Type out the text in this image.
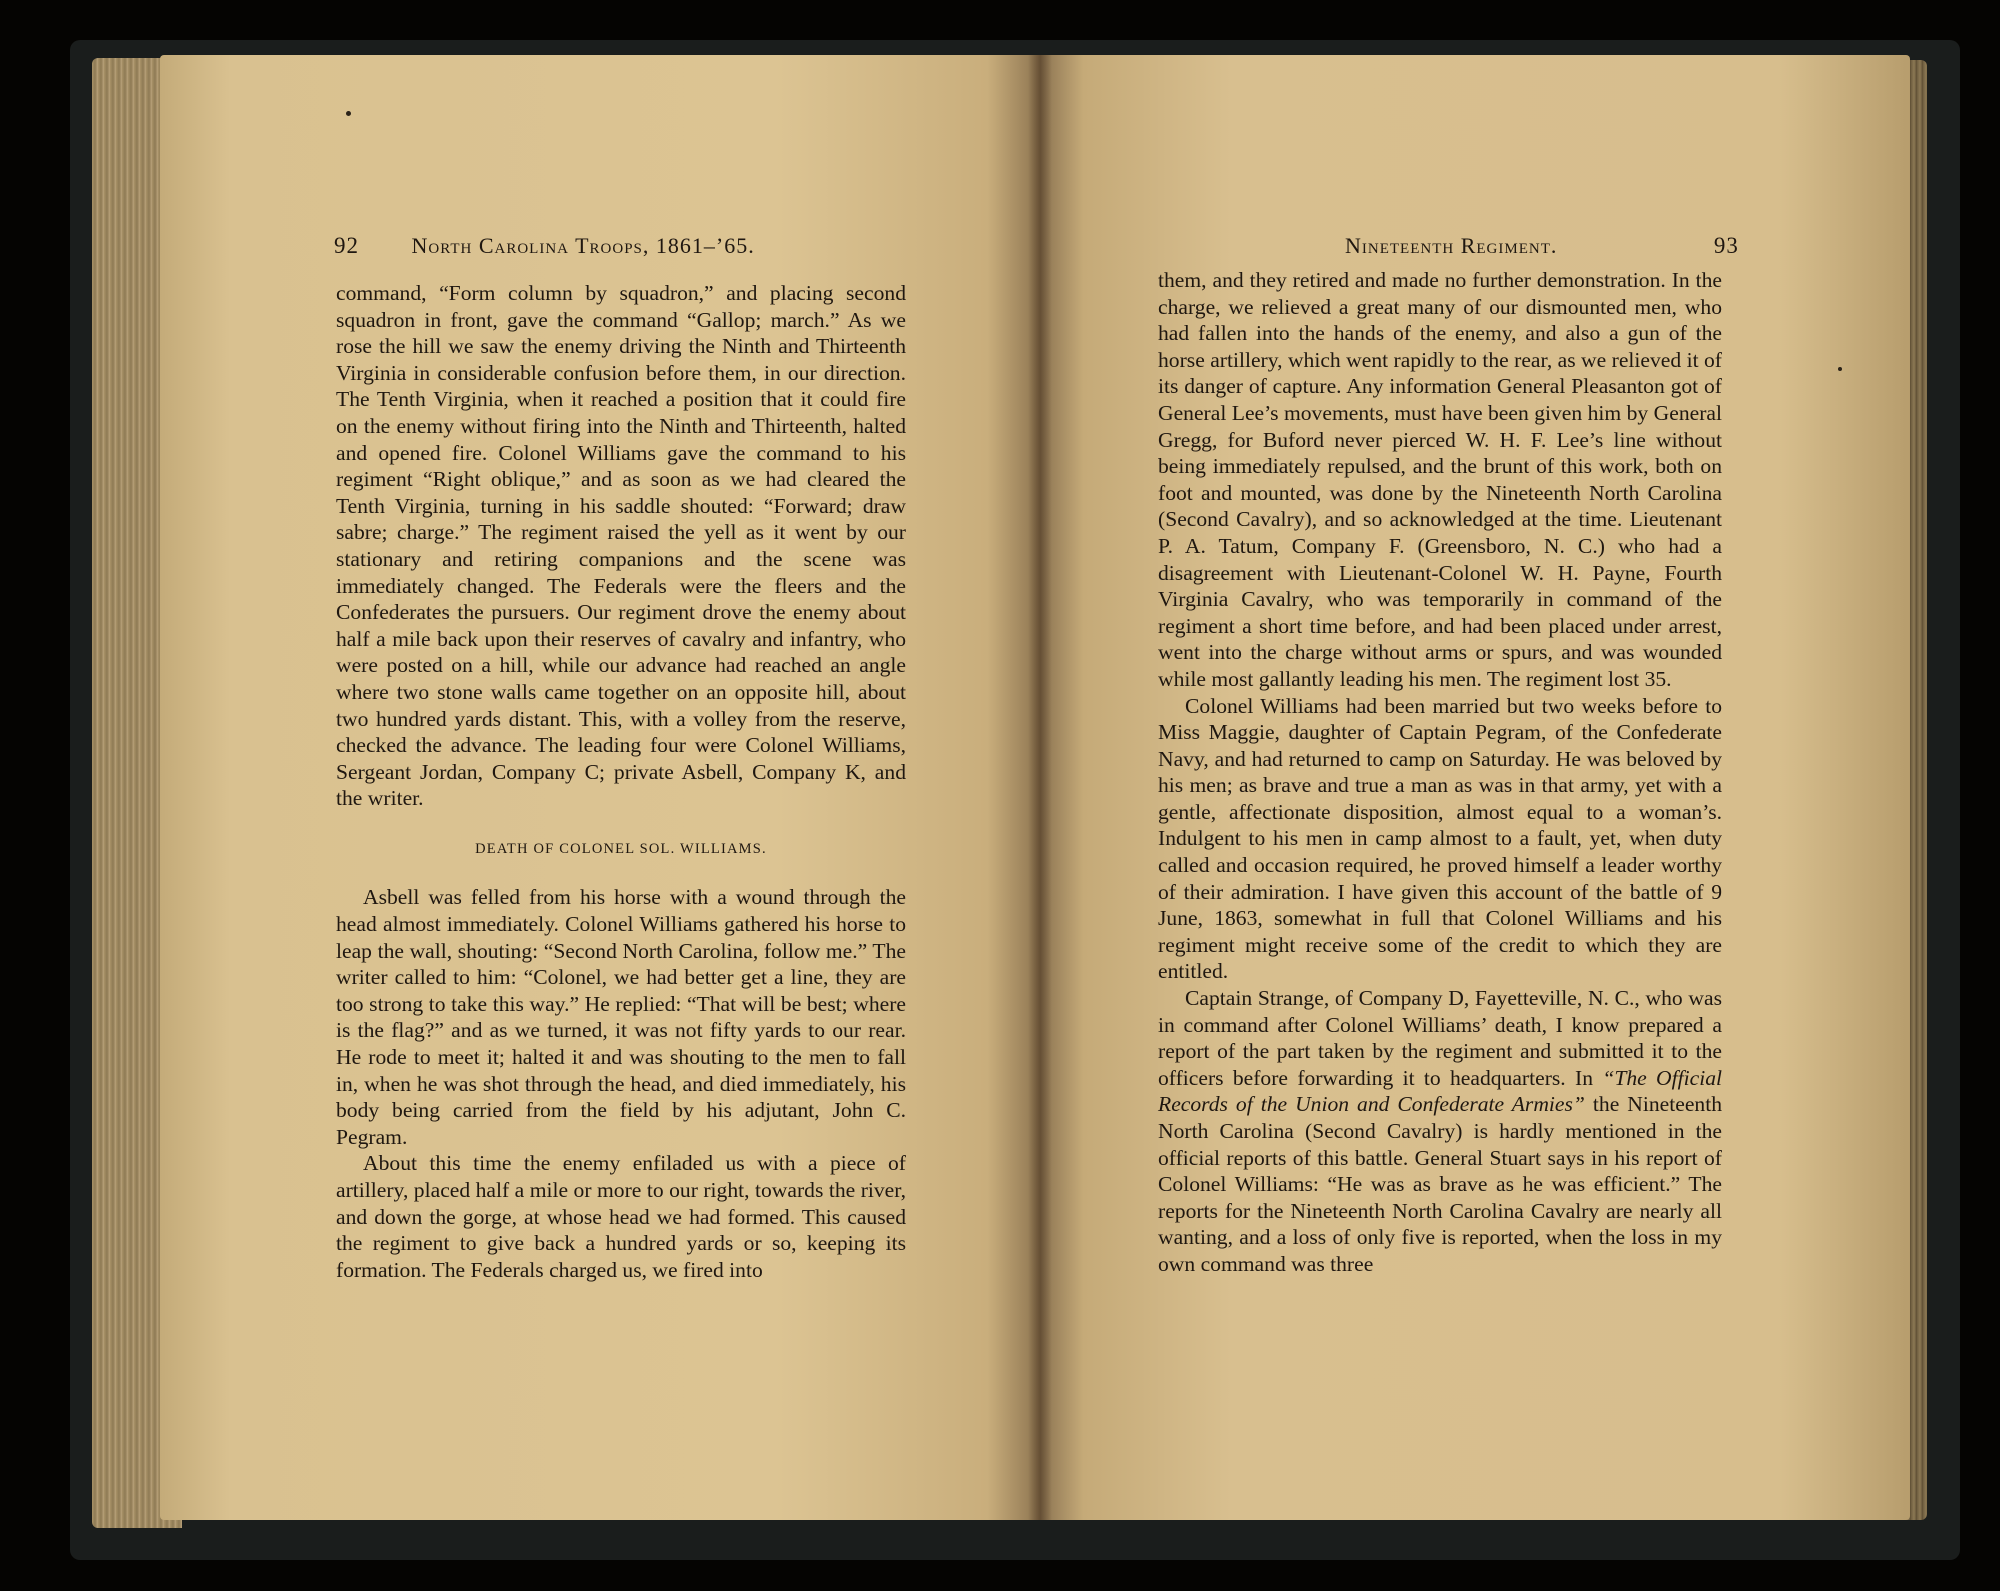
92 North Carolina Troops, 1861–’65.

command, “Form column by squadron,” and placing second squadron in front, gave the command “Gallop; march.” As we rose the hill we saw the enemy driving the Ninth and Thirteenth Virginia in considerable confusion before them, in our direction. The Tenth Virginia, when it reached a position that it could fire on the enemy without firing into the Ninth and Thirteenth, halted and opened fire. Colonel Williams gave the command to his regiment “Right oblique,” and as soon as we had cleared the Tenth Virginia, turning in his saddle shouted: “Forward; draw sabre; charge.” The regiment raised the yell as it went by our stationary and retiring companions and the scene was immediately changed. The Federals were the fleers and the Confederates the pursuers. Our regiment drove the enemy about half a mile back upon their reserves of cavalry and infantry, who were posted on a hill, while our advance had reached an angle where two stone walls came together on an opposite hill, about two hundred yards distant. This, with a volley from the reserve, checked the advance. The leading four were Colonel Williams, Sergeant Jordan, Company C; private Asbell, Company K, and the writer.

DEATH OF COLONEL SOL. WILLIAMS.

Asbell was felled from his horse with a wound through the head almost immediately. Colonel Williams gathered his horse to leap the wall, shouting: “Second North Carolina, follow me.” The writer called to him: “Colonel, we had better get a line, they are too strong to take this way.” He replied: “That will be best; where is the flag?” and as we turned, it was not fifty yards to our rear. He rode to meet it; halted it and was shouting to the men to fall in, when he was shot through the head, and died immediately, his body being carried from the field by his adjutant, John C. Pegram.

About this time the enemy enfiladed us with a piece of artillery, placed half a mile or more to our right, towards the river, and down the gorge, at whose head we had formed. This caused the regiment to give back a hundred yards or so, keeping its formation. The Federals charged us, we fired into

Nineteenth Regiment.	93

them, and they retired and made no further demonstration. In the charge, we relieved a great many of our dismounted men, who had fallen into the hands of the enemy, and also a gun of the horse artillery, which went rapidly to the rear, as we relieved it of its danger of capture. Any information General Pleasanton got of General Lee’s movements, must have been given him by General Gregg, for Buford never pierced W. H. F. Lee’s line without being immediately repulsed, and the brunt of this work, both on foot and mounted, was done by the Nineteenth North Carolina (Second Cavalry), and so acknowledged at the time. Lieutenant P. A. Tatum, Company F. (Greensboro, N. C.) who had a disagreement with Lieutenant-Colonel W. H. Payne, Fourth Virginia Cavalry, who was temporarily in command of the regiment a short time before, and had been placed under arrest, went into the charge without arms or spurs, and was wounded while most gallantly leading his men. The regiment lost 35.

Colonel Williams had been married but two weeks before to Miss Maggie, daughter of Captain Pegram, of the Confederate Navy, and had returned to camp on Saturday. He was beloved by his men; as brave and true a man as was in that army, yet with a gentle, affectionate disposition, almost equal to a woman’s. Indulgent to his men in camp almost to a fault, yet, when duty called and occasion required, he proved himself a leader worthy of their admiration. I have given this account of the battle of 9 June, 1863, somewhat in full that Colonel Williams and his regiment might receive some of the credit to which they are entitled.

Captain Strange, of Company D, Fayetteville, N. C., who was in command after Colonel Williams’ death, I know prepared a report of the part taken by the regiment and submitted it to the officers before forwarding it to headquarters. In “The Official Records of the Union and Confederate Armies” the Nineteenth North Carolina (Second Cavalry) is hardly mentioned in the official reports of this battle. General Stuart says in his report of Colonel Williams: “He was as brave as he was efficient.” The reports for the Nineteenth North Carolina Cavalry are nearly all wanting, and a loss of only five is reported, when the loss in my own command was three
